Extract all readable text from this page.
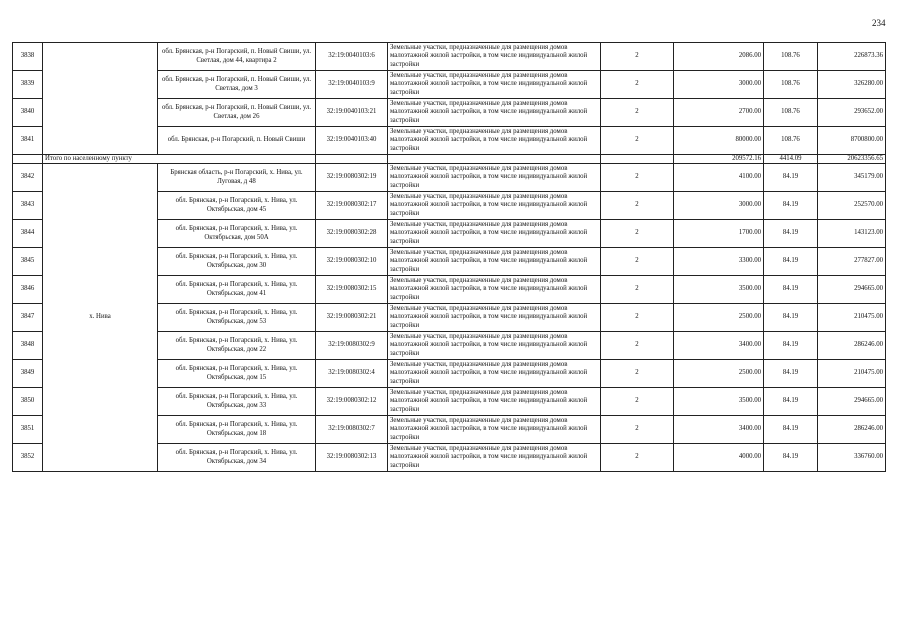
234
3838		обл. Брянская, р-н Погарский, п. Новый Свиши, ул. Светлая, дом 44, квартира 2	32:19:0040103:6	Земельные участки, предназначенные для размещения домов малоэтажной жилой застройки, в том числе индивидуальной жилой застройки	2	2086.00	108.76	226873.36
3839		обл. Брянская, р-н Погарский, п. Новый Свиши, ул. Светлая, дом 3	32:19:0040103:9	Земельные участки, предназначенные для размещения домов малоэтажной жилой застройки, в том числе индивидуальной жилой застройки	2	3000.00	108.76	326280.00
3840		обл. Брянская, р-н Погарский, п. Новый Свиши, ул. Светлая, дом 26	32:19:0040103:21	Земельные участки, предназначенные для размещения домов малоэтажной жилой застройки, в том числе индивидуальной жилой застройки	2	2700.00	108.76	293652.00
3841		обл. Брянская, р-н Погарский, п. Новый Свиши	32:19:0040103:40	Земельные участки, предназначенные для размещения домов малоэтажной жилой застройки, в том числе индивидуальной жилой застройки	2	80000.00	108.76	8700800.00
	Итого по населенному пункту					209572.16	4414.09	20623356.65
3842	х. Нива	Брянская область, р-н Погарский, х. Нива, ул. Луговая, д 48	32:19:0080302:19	Земельные участки, предназначенные для размещения домов малоэтажной жилой застройки, в том числе индивидуальной жилой застройки	2	4100.00	84.19	345179.00
3843		обл. Брянская, р-н Погарский, х. Нива, ул. Октябрьская, дом 45	32:19:0080302:17	Земельные участки, предназначенные для размещения домов малоэтажной жилой застройки, в том числе индивидуальной жилой застройки	2	3000.00	84.19	252570.00
3844		обл. Брянская, р-н Погарский, х. Нива, ул. Октябрьская, дом 50А	32:19:0080302:28	Земельные участки, предназначенные для размещения домов малоэтажной жилой застройки, в том числе индивидуальной жилой застройки	2	1700.00	84.19	143123.00
3845		обл. Брянская, р-н Погарский, х. Нива, ул. Октябрьская, дом 30	32:19:0080302:10	Земельные участки, предназначенные для размещения домов малоэтажной жилой застройки, в том числе индивидуальной жилой застройки	2	3300.00	84.19	277827.00
3846		обл. Брянская, р-н Погарский, х. Нива, ул. Октябрьская, дом 41	32:19:0080302:15	Земельные участки, предназначенные для размещения домов малоэтажной жилой застройки, в том числе индивидуальной жилой застройки	2	3500.00	84.19	294665.00
3847		обл. Брянская, р-н Погарский, х. Нива, ул. Октябрьская, дом 53	32:19:0080302:21	Земельные участки, предназначенные для размещения домов малоэтажной жилой застройки, в том числе индивидуальной жилой застройки	2	2500.00	84.19	210475.00
3848		обл. Брянская, р-н Погарский, х. Нива, ул. Октябрьская, дом 22	32:19:0080302:9	Земельные участки, предназначенные для размещения домов малоэтажной жилой застройки, в том числе индивидуальной жилой застройки	2	3400.00	84.19	286246.00
3849		обл. Брянская, р-н Погарский, х. Нива, ул. Октябрьская, дом 15	32:19:0080302:4	Земельные участки, предназначенные для размещения домов малоэтажной жилой застройки, в том числе индивидуальной жилой застройки	2	2500.00	84.19	210475.00
3850		обл. Брянская, р-н Погарский, х. Нива, ул. Октябрьская, дом 33	32:19:0080302:12	Земельные участки, предназначенные для размещения домов малоэтажной жилой застройки, в том числе индивидуальной жилой застройки	2	3500.00	84.19	294665.00
3851		обл. Брянская, р-н Погарский, х. Нива, ул. Октябрьская, дом 18	32:19:0080302:7	Земельные участки, предназначенные для размещения домов малоэтажной жилой застройки, в том числе индивидуальной жилой застройки	2	3400.00	84.19	286246.00
3852		обл. Брянская, р-н Погарский, х. Нива, ул. Октябрьская, дом 34	32:19:0080302:13	Земельные участки, предназначенные для размещения домов малоэтажной жилой застройки, в том числе индивидуальной жилой застройки	2	4000.00	84.19	336760.00
